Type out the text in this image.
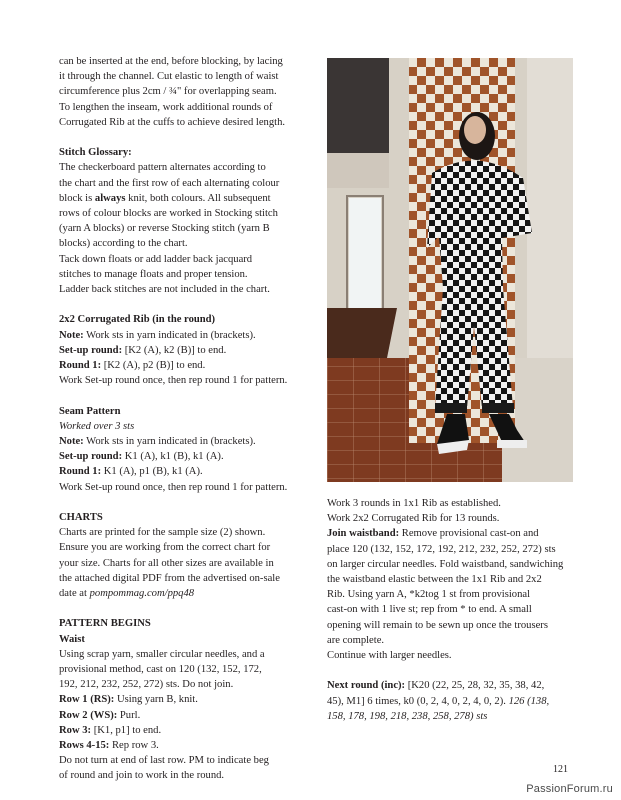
can be inserted at the end, before blocking, by lacing

it through the channel. Cut elastic to length of waist

circumference plus 2cm / ¾" for overlapping seam.

To lengthen the inseam, work additional rounds of

Corrugated Rib at the cuffs to achieve desired length.

Stitch Glossary:

The checkerboard pattern alternates according to

the chart and the first row of each alternating colour

block is always knit, both colours. All subsequent

rows of colour blocks are worked in Stocking stitch

(yarn A blocks) or reverse Stocking stitch (yarn B

blocks) according to the chart.

Tack down floats or add ladder back jacquard

stitches to manage floats and proper tension.

Ladder back stitches are not included in the chart.

2x2 Corrugated Rib (in the round)

Note: Work sts in yarn indicated in (brackets).

Set-up round: [K2 (A), k2 (B)] to end.

Round 1: [K2 (A), p2 (B)] to end.

Work Set-up round once, then rep round 1 for pattern.

Seam Pattern

Worked over 3 sts

Note: Work sts in yarn indicated in (brackets).

Set-up round: K1 (A), k1 (B), k1 (A).

Round 1: K1 (A), p1 (B), k1 (A).

Work Set-up round once, then rep round 1 for pattern.

CHARTS

Charts are printed for the sample size (2) shown.

Ensure you are working from the correct chart for

your size. Charts for all other sizes are available in

the attached digital PDF from the advertised on-sale

date at pompommag.com/ppq48

PATTERN BEGINS

Waist

Using scrap yarn, smaller circular needles, and a

provisional method, cast on 120 (132, 152, 172,

192, 212, 232, 252, 272) sts. Do not join.

Row 1 (RS): Using yarn B, knit.

Row 2 (WS): Purl.

Row 3: [K1, p1] to end.

Rows 4-15: Rep row 3.

Do not turn at end of last row. PM to indicate beg

of round and join to work in the round.

Work 3 rounds in 1x1 Rib as established.

Work 2x2 Corrugated Rib for 13 rounds.

Join waistband: Remove provisional cast-on and

place 120 (132, 152, 172, 192, 212, 232, 252, 272) sts

on larger circular needles. Fold waistband, sandwiching

the waistband elastic between the 1x1 Rib and 2x2

Rib. Using yarn A, *k2tog 1 st from provisional

cast-on with 1 live st; rep from * to end. A small

opening will remain to be sewn up once the trousers

are complete.

Continue with larger needles.

Next round (inc): [K20 (22, 25, 28, 32, 35, 38, 42,

45), M1] 6 times, k0 (0, 2, 4, 0, 2, 4, 0, 2). 126 (138,

158, 178, 198, 218, 238, 258, 278) sts

121
PassionForum.ru
